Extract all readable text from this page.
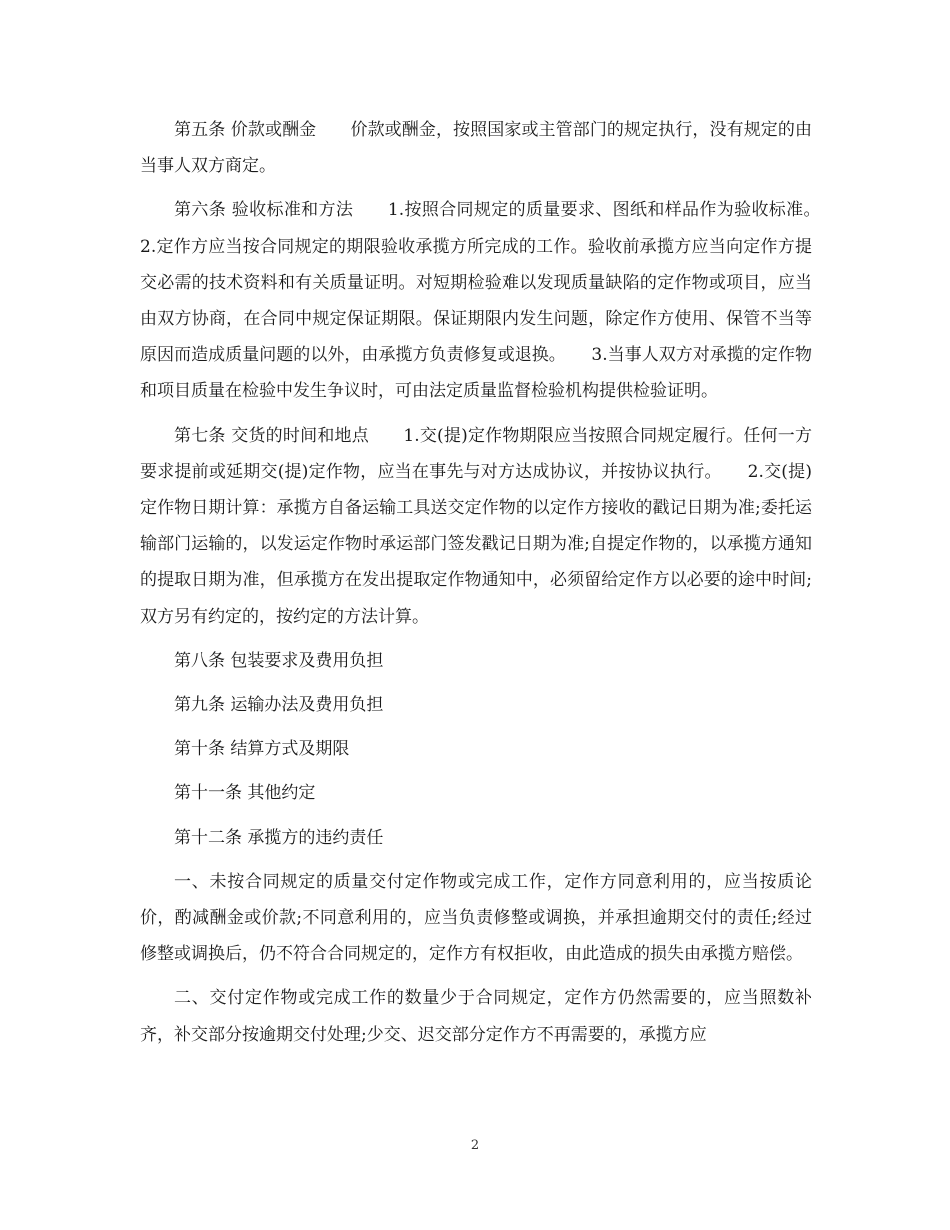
第五条 价款或酬金　　价款或酬金，按照国家或主管部门的规定执行，没有规定的由当事人双方商定。

第六条 验收标准和方法　　1.按照合同规定的质量要求、图纸和样品作为验收标准。　　2.定作方应当按合同规定的期限验收承揽方所完成的工作。验收前承揽方应当向定作方提交必需的技术资料和有关质量证明。对短期检验难以发现质量缺陷的定作物或项目，应当由双方协商，在合同中规定保证期限。保证期限内发生问题，除定作方使用、保管不当等原因而造成质量问题的以外，由承揽方负责修复或退换。　　3.当事人双方对承揽的定作物和项目质量在检验中发生争议时，可由法定质量监督检验机构提供检验证明。

第七条 交货的时间和地点　　1.交(提)定作物期限应当按照合同规定履行。任何一方要求提前或延期交(提)定作物，应当在事先与对方达成协议，并按协议执行。　　2.交(提)定作物日期计算：承揽方自备运输工具送交定作物的以定作方接收的戳记日期为准;委托运输部门运输的，以发运定作物时承运部门签发戳记日期为准;自提定作物的，以承揽方通知的提取日期为准，但承揽方在发出提取定作物通知中，必须留给定作方以必要的途中时间;双方另有约定的，按约定的方法计算。

第八条 包装要求及费用负担

第九条 运输办法及费用负担

第十条 结算方式及期限

第十一条 其他约定

第十二条 承揽方的违约责任

一、未按合同规定的质量交付定作物或完成工作，定作方同意利用的，应当按质论价，酌减酬金或价款;不同意利用的，应当负责修整或调换，并承担逾期交付的责任;经过修整或调换后，仍不符合合同规定的，定作方有权拒收，由此造成的损失由承揽方赔偿。

二、交付定作物或完成工作的数量少于合同规定，定作方仍然需要的，应当照数补齐，补交部分按逾期交付处理;少交、迟交部分定作方不再需要的，承揽方应

2
